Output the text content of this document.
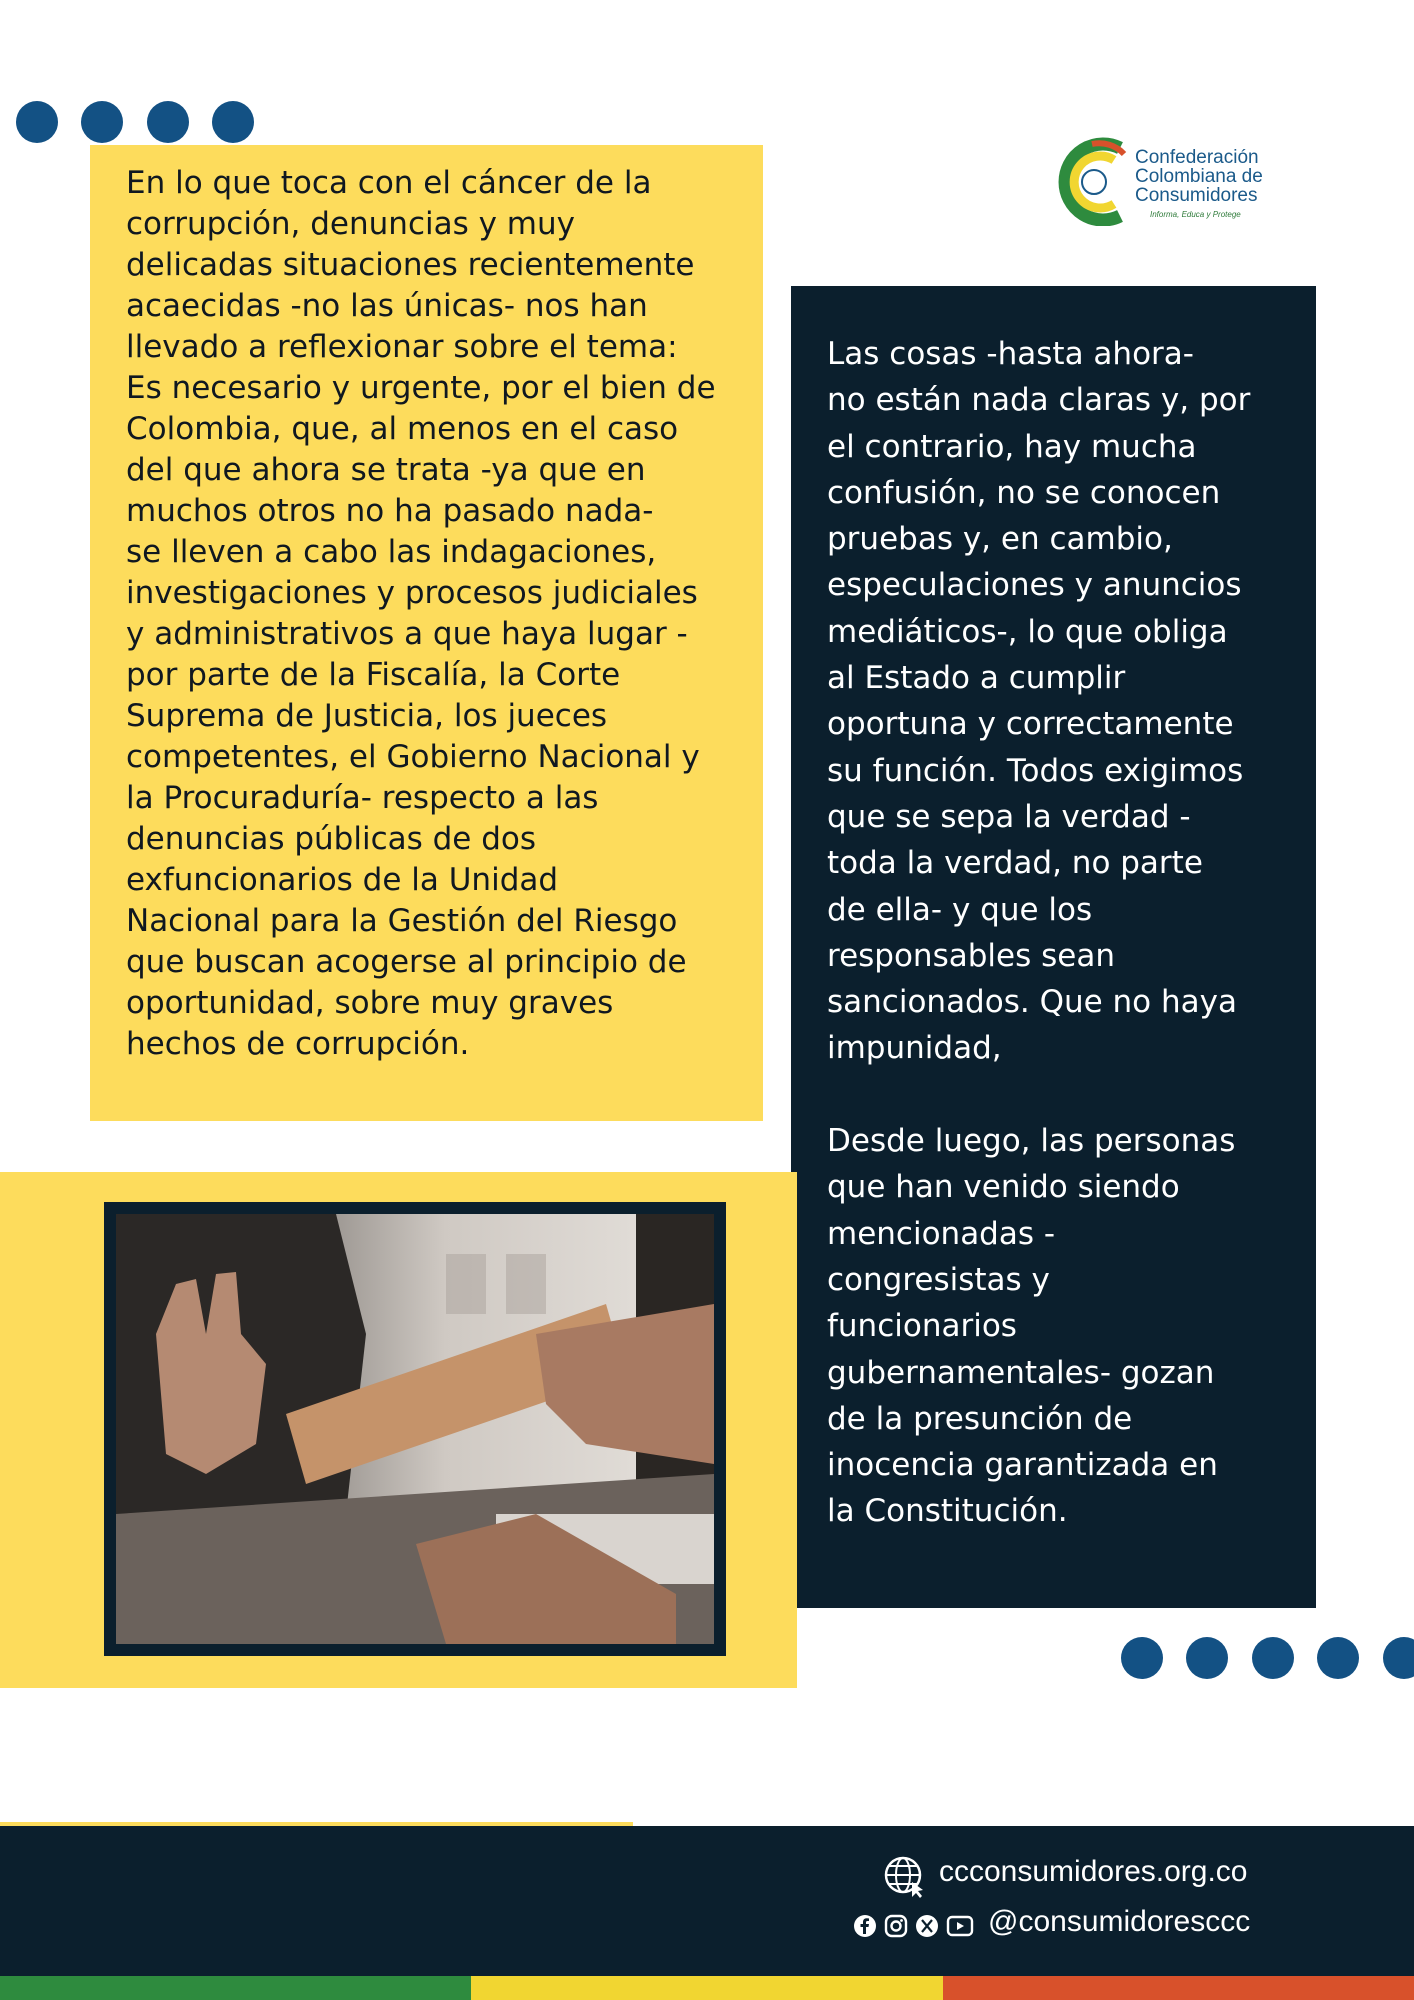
En lo que toca con el cáncer de la
corrupción, denuncias y muy
delicadas situaciones recientemente
acaecidas -no las únicas- nos han
llevado a reflexionar sobre el tema:
Es necesario y urgente, por el bien de
Colombia, que, al menos en el caso
del que ahora se trata -ya que en
muchos otros no ha pasado nada-
se lleven a cabo las indagaciones,
investigaciones y procesos judiciales
y administrativos a que haya lugar -
por parte de la Fiscalía, la Corte
Suprema de Justicia, los jueces
competentes, el Gobierno Nacional y
la Procuraduría- respecto a las
denuncias públicas de dos
exfuncionarios de la Unidad
Nacional para la Gestión del Riesgo
que buscan acogerse al principio de
oportunidad, sobre muy graves
hechos de corrupción.
Confederación
Colombiana de
Consumidores
Informa, Educa y Protege
Las cosas -hasta ahora-
no están nada claras y, por
el contrario, hay mucha
confusión, no se conocen
pruebas y, en cambio,
especulaciones y anuncios
mediáticos-, lo que obliga
al Estado a cumplir
oportuna y correctamente
su función. Todos exigimos
que se sepa la verdad -
toda la verdad, no parte
de ella- y que los
responsables sean
sancionados. Que no haya
impunidad,

Desde luego, las personas
que han venido siendo
mencionadas -
congresistas y
funcionarios
gubernamentales- gozan
de la presunción de
inocencia garantizada en
la Constitución.
ccconsumidores.org.co
@consumidoresccc
